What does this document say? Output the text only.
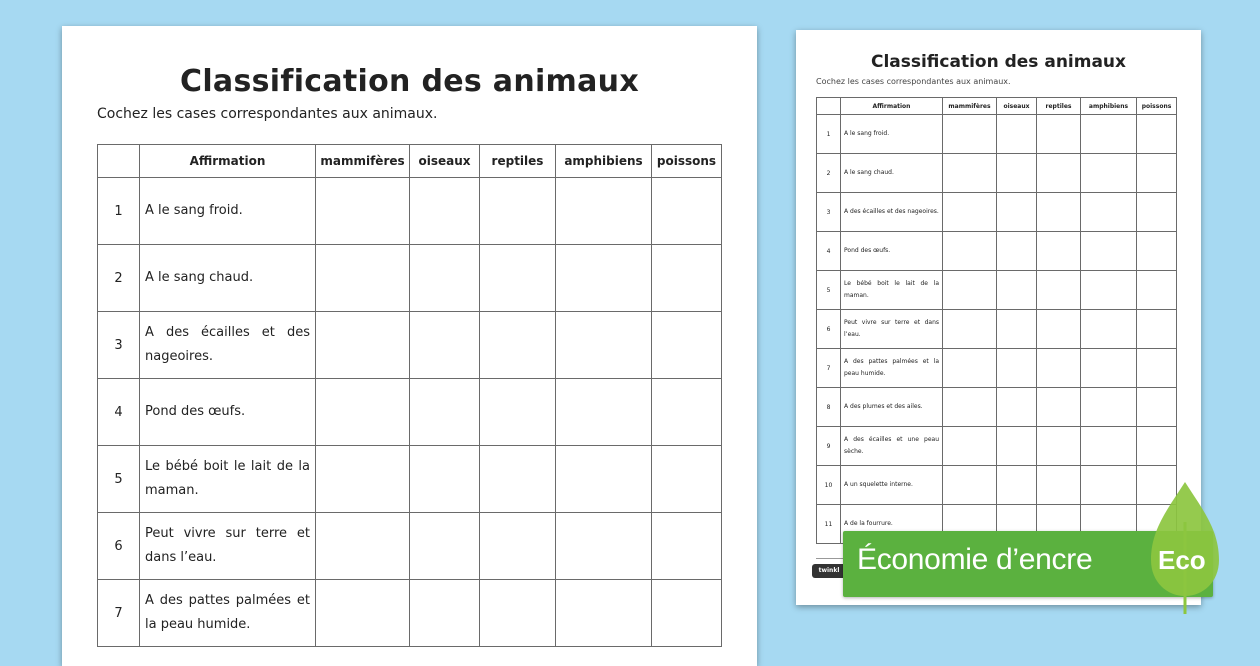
Classification des animaux
Cochez les cases correspondantes aux animaux.
	Affirmation	mammifères	oiseaux	reptiles	amphibiens	poissons
1	A le sang froid.					
2	A le sang chaud.					
3	A des écailles et des nageoires.					
4	Pond des œufs.					
5	Le bébé boit le lait de la maman.					
6	Peut vivre sur terre et dans l’eau.					
7	A des pattes palmées et la peau humide.					
Classification des animaux
Cochez les cases correspondantes aux animaux.
	Affirmation	mammifères	oiseaux	reptiles	amphibiens	poissons
1	A le sang froid.					
2	A le sang chaud.					
3	A des écailles et des nageoires.					
4	Pond des œufs.					
5	Le bébé boit le lait de la maman.					
6	Peut vivre sur terre et dans l’eau.					
7	A des pattes palmées et la peau humide.					
8	A des plumes et des ailes.					
9	A des écailles et une peau sèche.					
10	A un squelette interne.					
11	A de la fourrure.					
twinkl Économie d’encre	Eco
